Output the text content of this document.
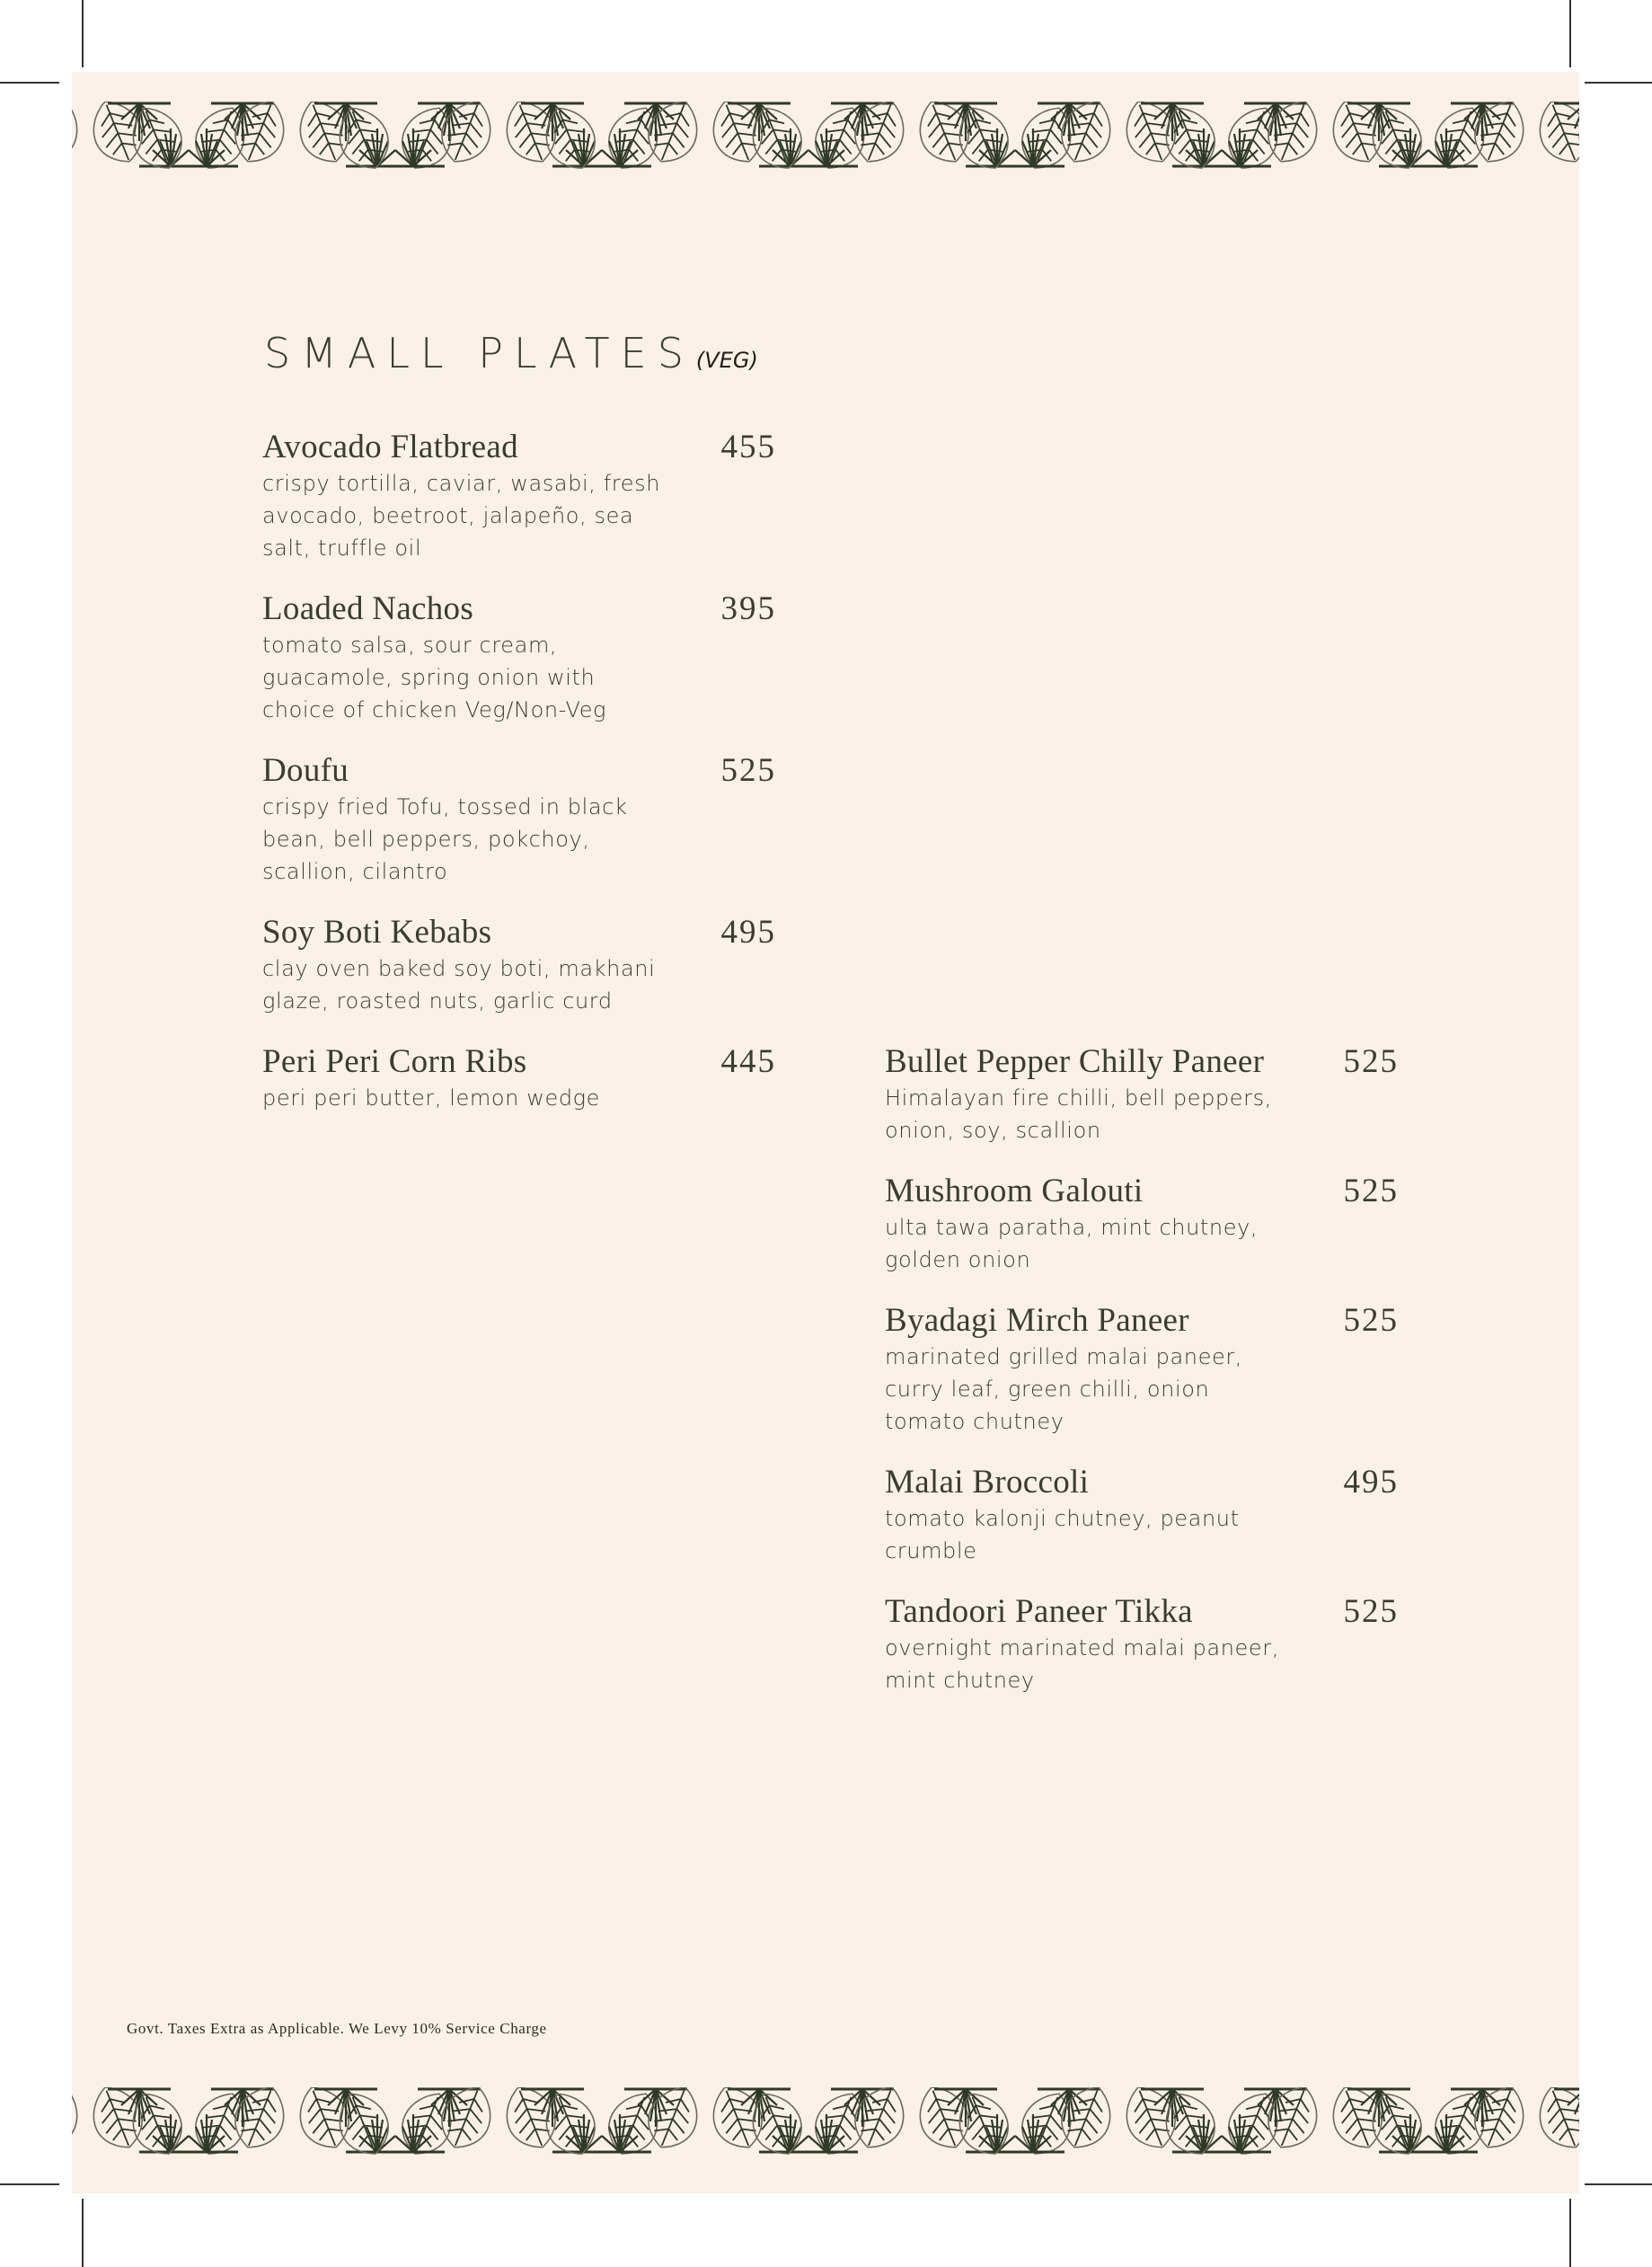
SMALL PLATES(VEG)
Avocado Flatbread	455
crispy tortilla, caviar, wasabi, fresh
avocado, beetroot, jalapeño, sea
salt, truffle oil
Loaded Nachos	395
tomato salsa, sour cream,
guacamole, spring onion with
choice of chicken Veg/Non-Veg
Doufu	525
crispy fried Tofu, tossed in black
bean, bell peppers, pokchoy,
scallion, cilantro
Soy Boti Kebabs	495
clay oven baked soy boti, makhani
glaze, roasted nuts, garlic curd
Peri Peri Corn Ribs	445
peri peri butter, lemon wedge
Bullet Pepper Chilly Paneer 525
Himalayan fire chilli, bell peppers,
onion, soy, scallion
Mushroom Galouti	525
ulta tawa paratha, mint chutney,
golden onion
Byadagi Mirch Paneer	525
marinated grilled malai paneer,
curry leaf, green chilli, onion
tomato chutney
Malai Broccoli	495
tomato kalonji chutney, peanut
crumble
Tandoori Paneer Tikka	525
overnight marinated malai paneer,
mint chutney
Govt. Taxes Extra as Applicable. We Levy 10% Service Charge
